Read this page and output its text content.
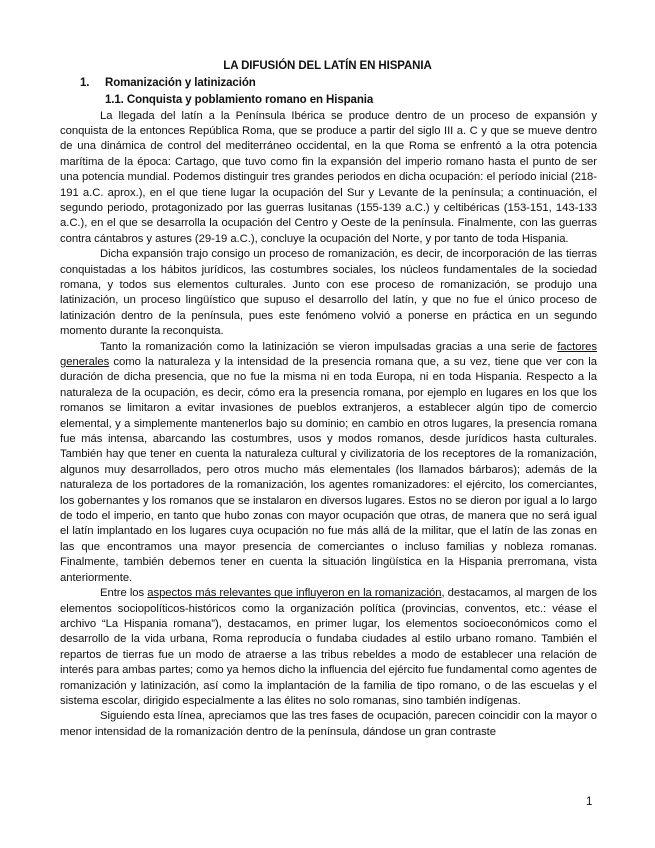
LA DIFUSIÓN DEL LATÍN EN HISPANIA
1. Romanización y latinización
1.1. Conquista y poblamiento romano en Hispania

La llegada del latín a la Península Ibérica se produce dentro de un proceso de expansión y conquista de la entonces República Roma, que se produce a partir del siglo III a. C y que se mueve dentro de una dinámica de control del mediterráneo occidental, en la que Roma se enfrentó a la otra potencia marítima de la época: Cartago, que tuvo como fin la expansión del imperio romano hasta el punto de ser una potencia mundial. Podemos distinguir tres grandes periodos en dicha ocupación: el período inicial (218-191 a.C. aprox.), en el que tiene lugar la ocupación del Sur y Levante de la península; a continuación, el segundo periodo, protagonizado por las guerras lusitanas (155-139 a.C.) y celtibéricas (153-151, 143-133 a.C.), en el que se desarrolla la ocupación del Centro y Oeste de la península. Finalmente, con las guerras contra cántabros y astures (29-19 a.C.), concluye la ocupación del Norte, y por tanto de toda Hispania.

Dicha expansión trajo consigo un proceso de romanización, es decir, de incorporación de las tierras conquistadas a los hábitos jurídicos, las costumbres sociales, los núcleos fundamentales de la sociedad romana, y todos sus elementos culturales. Junto con ese proceso de romanización, se produjo una latinización, un proceso lingüístico que supuso el desarrollo del latín, y que no fue el único proceso de latinización dentro de la península, pues este fenómeno volvió a ponerse en práctica en un segundo momento durante la reconquista.

Tanto la romanización como la latinización se vieron impulsadas gracias a una serie de factores generales como la naturaleza y la intensidad de la presencia romana que, a su vez, tiene que ver con la duración de dicha presencia, que no fue la misma ni en toda Europa, ni en toda Hispania. Respecto a la naturaleza de la ocupación, es decir, cómo era la presencia romana, por ejemplo en lugares en los que los romanos se limitaron a evitar invasiones de pueblos extranjeros, a establecer algún tipo de comercio elemental, y a simplemente mantenerlos bajo su dominio; en cambio en otros lugares, la presencia romana fue más intensa, abarcando las costumbres, usos y modos romanos, desde jurídicos hasta culturales. También hay que tener en cuenta la naturaleza cultural y civilizatoria de los receptores de la romanización, algunos muy desarrollados, pero otros mucho más elementales (los llamados bárbaros); además de la naturaleza de los portadores de la romanización, los agentes romanizadores: el ejército, los comerciantes, los gobernantes y los romanos que se instalaron en diversos lugares. Estos no se dieron por igual a lo largo de todo el imperio, en tanto que hubo zonas con mayor ocupación que otras, de manera que no será igual el latín implantado en los lugares cuya ocupación no fue más allá de la militar, que el latín de las zonas en las que encontramos una mayor presencia de comerciantes o incluso familias y nobleza romanas. Finalmente, también debemos tener en cuenta la situación lingüística en la Hispania prerromana, vista anteriormente.

Entre los aspectos más relevantes que influyeron en la romanización, destacamos, al margen de los elementos sociopolíticos-históricos como la organización política (provincias, conventos, etc.: véase el archivo “La Hispania romana”), destacamos, en primer lugar, los elementos socioeconómicos como el desarrollo de la vida urbana, Roma reproducía o fundaba ciudades al estilo urbano romano. También el repartos de tierras fue un modo de atraerse a las tribus rebeldes a modo de establecer una relación de interés para ambas partes; como ya hemos dicho la influencia del ejército fue fundamental como agentes de romanización y latinización, así como la implantación de la familia de tipo romano, o de las escuelas y el sistema escolar, dirigido especialmente a las élites no solo romanas, sino también indígenas.

Siguiendo esta línea, apreciamos que las tres fases de ocupación, parecen coincidir con la mayor o menor intensidad de la romanización dentro de la península, dándose un gran contraste

1
